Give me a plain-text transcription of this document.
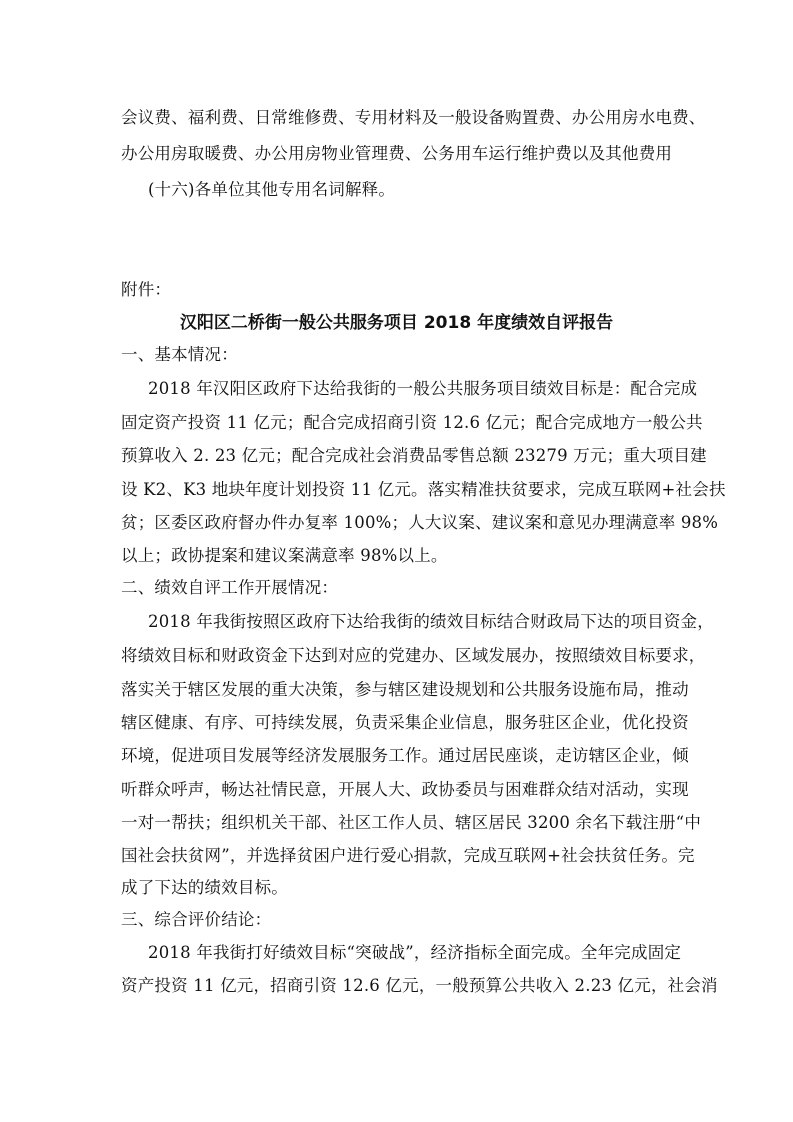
会议费、福利费、日常维修费、专用材料及一般设备购置费、办公用房水电费、
办公用房取暖费、办公用房物业管理费、公务用车运行维护费以及其他费用
(十六)各单位其他专用名词解释。
附件：
汉阳区二桥街一般公共服务项目 2018 年度绩效自评报告
一、基本情况：
2018 年汉阳区政府下达给我街的一般公共服务项目绩效目标是：配合完成
固定资产投资 11 亿元；配合完成招商引资 12.6 亿元；配合完成地方一般公共
预算收入 2. 23 亿元；配合完成社会消费品零售总额 23279 万元；重大项目建
设 K2、K3 地块年度计划投资 11 亿元。落实精准扶贫要求，完成互联网+社会扶
贫；区委区政府督办件办复率 100%；人大议案、建议案和意见办理满意率 98%
以上；政协提案和建议案满意率 98%以上。
二、绩效自评工作开展情况：
2018 年我街按照区政府下达给我街的绩效目标结合财政局下达的项目资金，
将绩效目标和财政资金下达到对应的党建办、区域发展办，按照绩效目标要求，
落实关于辖区发展的重大决策，参与辖区建设规划和公共服务设施布局，推动
辖区健康、有序、可持续发展，负责采集企业信息，服务驻区企业，优化投资
环境，促进项目发展等经济发展服务工作。通过居民座谈，走访辖区企业，倾
听群众呼声，畅达社情民意，开展人大、政协委员与困难群众结对活动，实现
一对一帮扶；组织机关干部、社区工作人员、辖区居民 3200 余名下载注册“中
国社会扶贫网”，并选择贫困户进行爱心捐款，完成互联网+社会扶贫任务。完
成了下达的绩效目标。
三、综合评价结论：
2018 年我街打好绩效目标“突破战”，经济指标全面完成。全年完成固定
资产投资 11 亿元，招商引资 12.6 亿元，一般预算公共收入 2.23 亿元，社会消
